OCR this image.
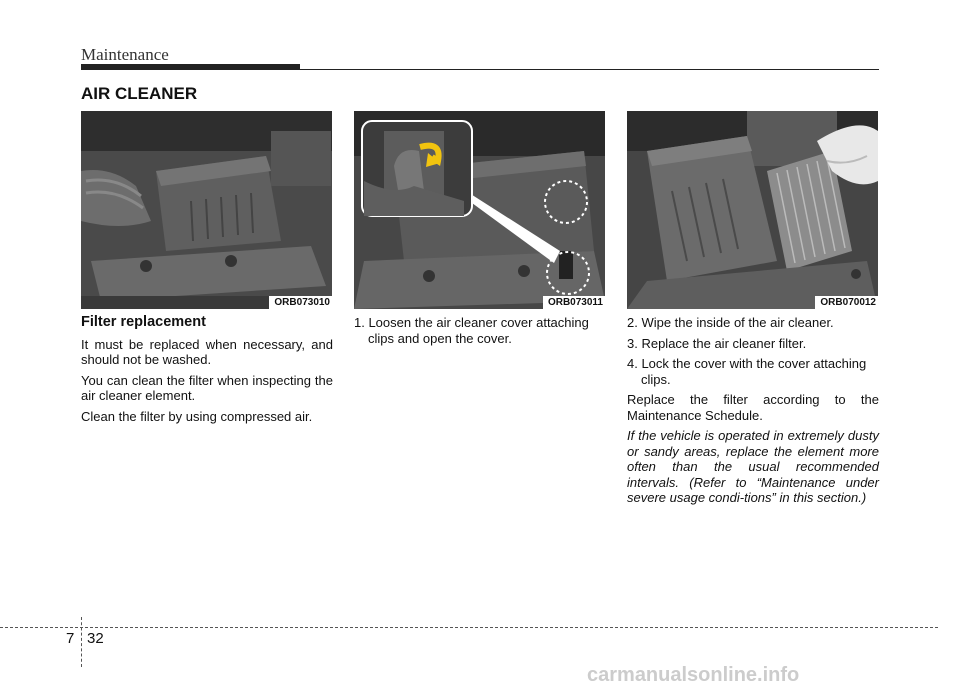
Maintenance
AIR CLEANER
ORB073010	ORB073011	ORB070012
Filter replacement

It must be replaced when necessary, and should not be washed.

You can clean the filter when inspecting the air cleaner element.

Clean the filter by using compressed air.

1. Loosen the air cleaner cover attaching clips and open the cover.

2. Wipe the inside of the air cleaner.

3. Replace the air cleaner filter.

4. Lock the cover with the cover attaching clips.

Replace the filter according to the Maintenance Schedule.

If the vehicle is operated in extremely dusty or sandy areas, replace the element more often than the usual recommended intervals. (Refer to “Maintenance under severe usage condi-tions” in this section.)

7 32
carmanualsonline.info
